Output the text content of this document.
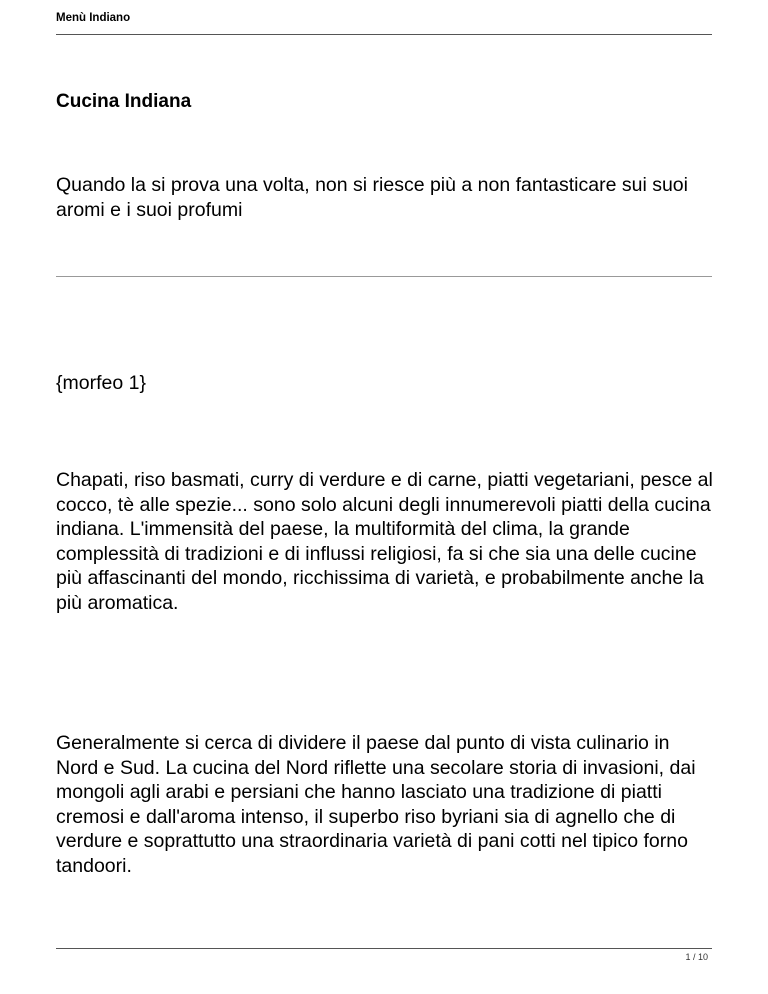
Menù Indiano
Cucina Indiana

Quando la si prova una volta, non si riesce più a non fantasticare sui suoi aromi e i suoi profumi

{morfeo 1}

Chapati, riso basmati, curry di verdure e di carne, piatti vegetariani, pesce al cocco, tè alle spezie... sono solo alcuni degli innumerevoli piatti della cucina indiana. L'immensità del paese, la multiformità del clima, la grande complessità di tradizioni e di influssi religiosi, fa si che sia una delle cucine più affascinanti del mondo, ricchissima di varietà, e probabilmente anche la più aromatica.

Generalmente si cerca di dividere il paese dal punto di vista culinario in Nord e Sud. La cucina del Nord riflette una secolare storia di invasioni, dai mongoli agli arabi e persiani che hanno lasciato una tradizione di piatti cremosi e dall'aroma intenso, il superbo riso byriani sia di agnello che di verdure e soprattutto una straordinaria varietà di pani cotti nel tipico forno tandoori.

1 / 10
